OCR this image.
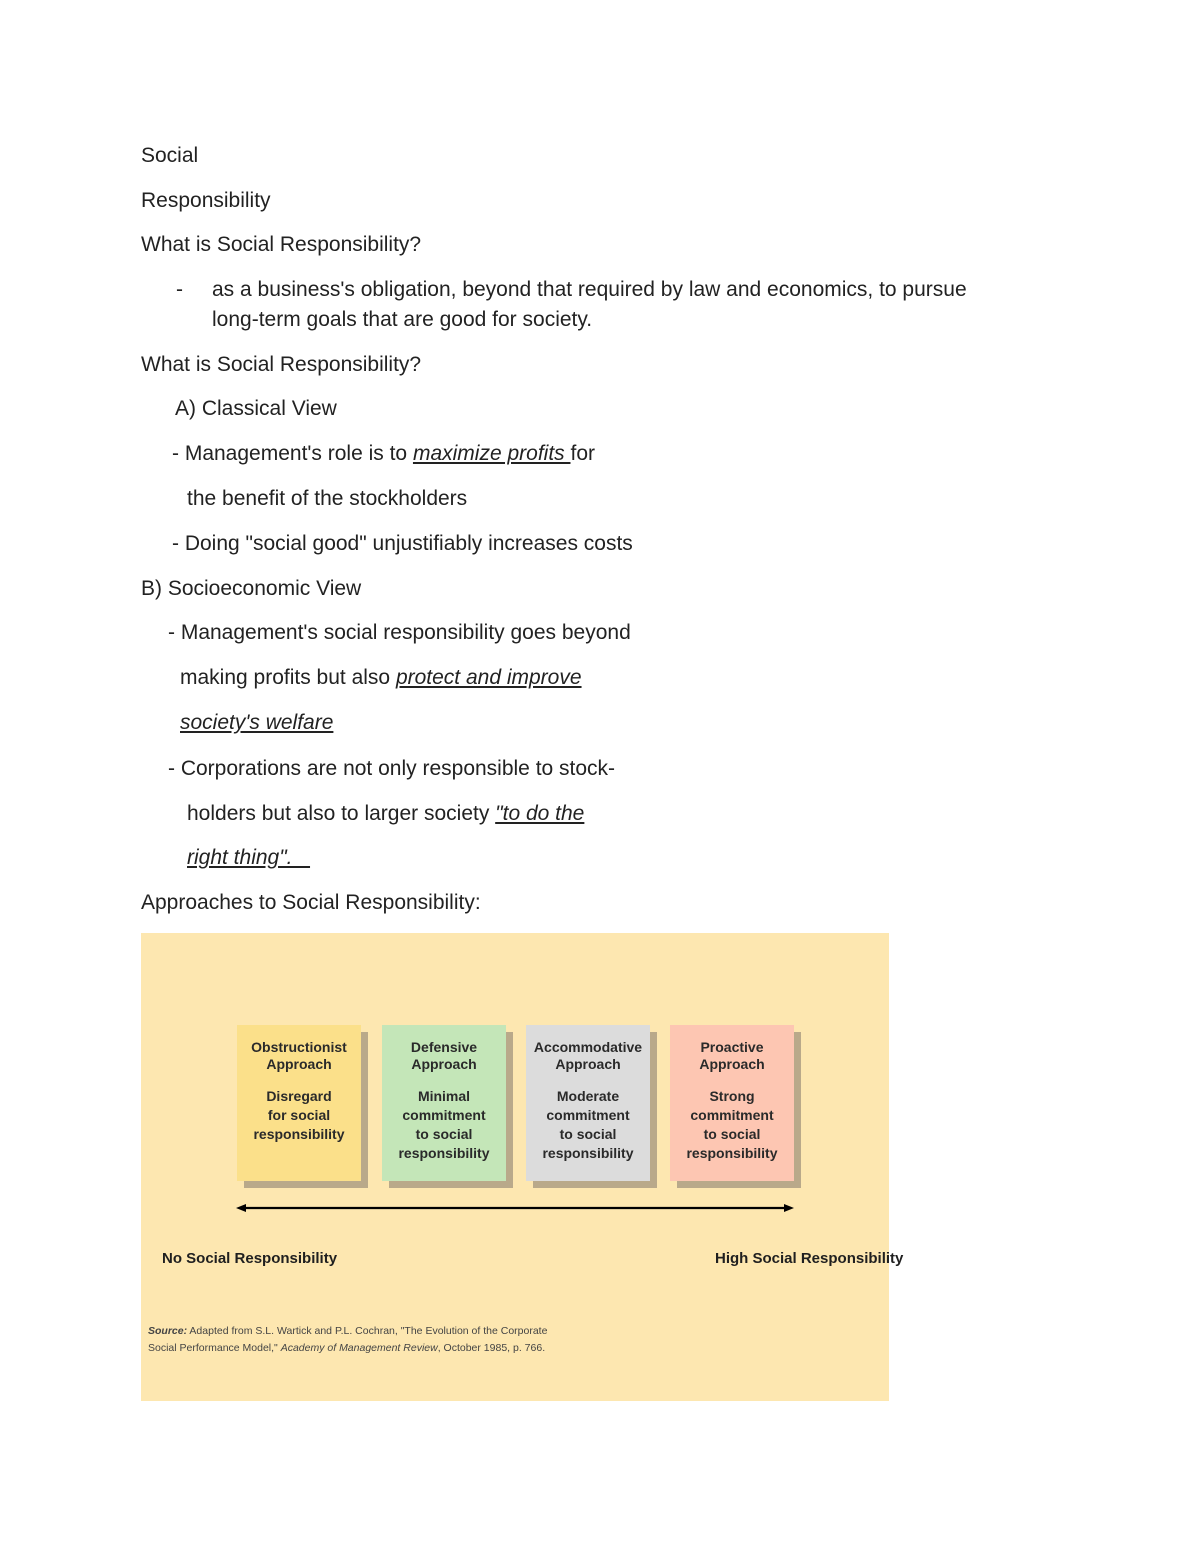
Social
Responsibility
What is Social Responsibility?
- as a business's obligation, beyond that required by law and economics, to pursue
long-term goals that are good for society.
What is Social Responsibility?
A) Classical View
- Management's role is to maximize profits for
the benefit of the stockholders
- Doing "social good" unjustifiably increases costs
B) Socioeconomic View
- Management's social responsibility goes beyond
making profits but also protect and improve
society's welfare
- Corporations are not only responsible to stock-
holders but also to larger society "to do the
right thing".
Approaches to Social Responsibility:
Obstructionist
Approach
Disregard
for social
responsibility
Defensive
Approach
Minimal
commitment
to social
responsibility
Accommodative
Approach
Moderate
commitment
to social
responsibility
Proactive
Approach
Strong
commitment
to social
responsibility
No Social Responsibility	High Social Responsibility
Source: Adapted from S.L. Wartick and P.L. Cochran, "The Evolution of the Corporate
Social Performance Model," Academy of Management Review, October 1985, p. 766.
